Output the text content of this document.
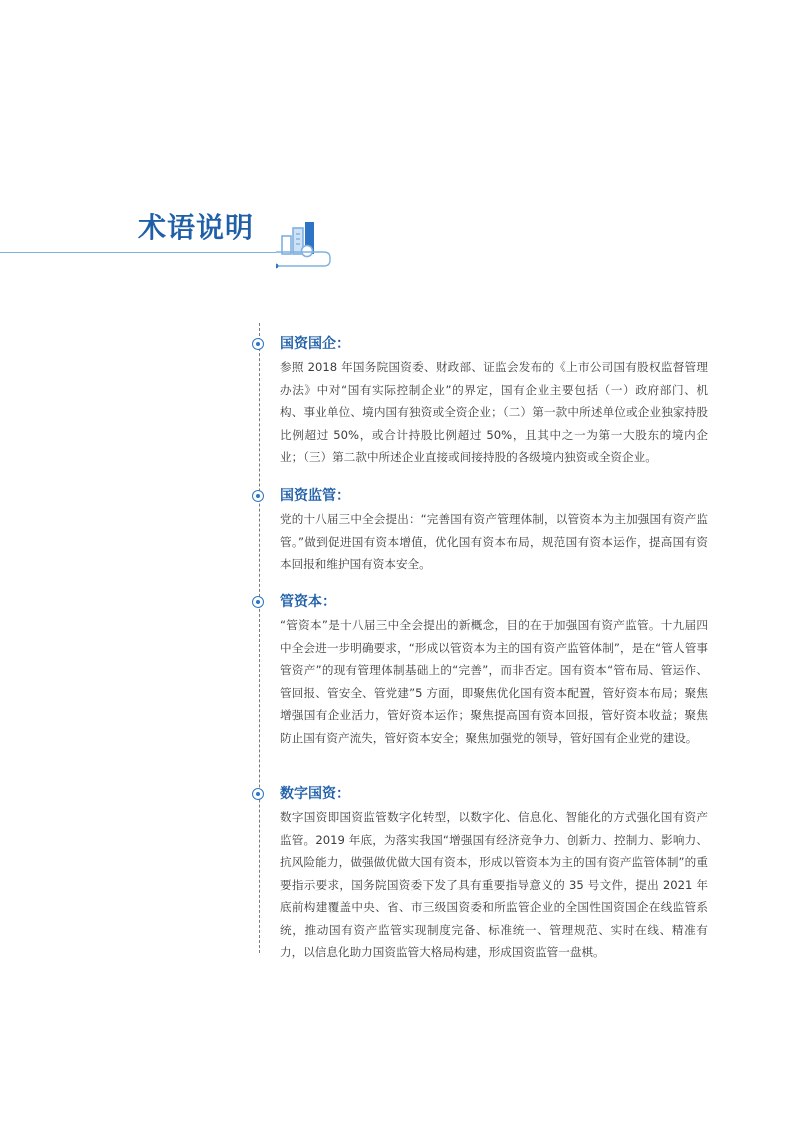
术语说明
国资国企：
参照 2018 年国务院国资委、财政部、证监会发布的《上市公司国有股权监督管理办法》中对“国有实际控制企业”的界定，国有企业主要包括（一）政府部门、机构、事业单位、境内国有独资或全资企业；（二）第一款中所述单位或企业独家持股比例超过 50%，或合计持股比例超过 50%，且其中之一为第一大股东的境内企业；（三）第二款中所述企业直接或间接持股的各级境内独资或全资企业。
国资监管：
党的十八届三中全会提出：“完善国有资产管理体制，以管资本为主加强国有资产监管。”做到促进国有资本增值，优化国有资本布局，规范国有资本运作，提高国有资本回报和维护国有资本安全。
管资本：
“管资本”是十八届三中全会提出的新概念，目的在于加强国有资产监管。十九届四中全会进一步明确要求，“形成以管资本为主的国有资产监管体制”，是在“管人管事管资产”的现有管理体制基础上的“完善”，而非否定。国有资本“管布局、管运作、管回报、管安全、管党建”5 方面，即聚焦优化国有资本配置，管好资本布局；聚焦增强国有企业活力，管好资本运作；聚焦提高国有资本回报，管好资本收益；聚焦防止国有资产流失，管好资本安全；聚焦加强党的领导，管好国有企业党的建设。
数字国资：
数字国资即国资监管数字化转型，以数字化、信息化、智能化的方式强化国有资产监管。2019 年底，为落实我国“增强国有经济竞争力、创新力、控制力、影响力、抗风险能力，做强做优做大国有资本，形成以管资本为主的国有资产监管体制”的重要指示要求，国务院国资委下发了具有重要指导意义的 35 号文件，提出 2021 年底前构建覆盖中央、省、市三级国资委和所监管企业的全国性国资国企在线监管系统，推动国有资产监管实现制度完备、标准统一、管理规范、实时在线、精准有力，以信息化助力国资监管大格局构建，形成国资监管一盘棋。
